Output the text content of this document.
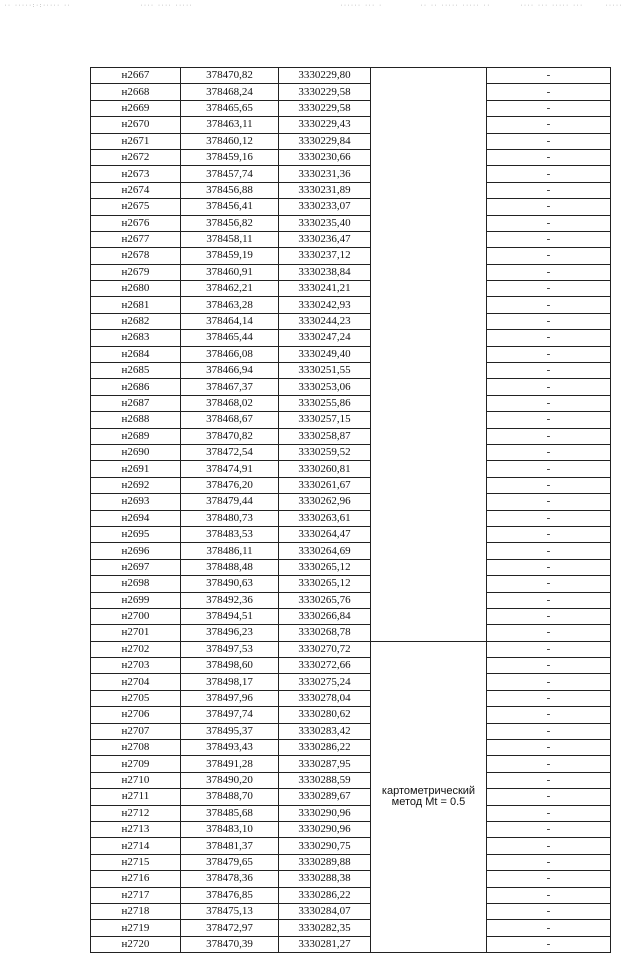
·· ·····:·:····· ··	···· ···· ·····	······ ··· ·	·· ·· ····· ····· ··	···· ··· ····· ···	·····
н2667	378470,82	3330229,80		-
н2668	378468,24	3330229,58		-
н2669	378465,65	3330229,58		-
н2670	378463,11	3330229,43		-
н2671	378460,12	3330229,84		-
н2672	378459,16	3330230,66		-
н2673	378457,74	3330231,36		-
н2674	378456,88	3330231,89		-
н2675	378456,41	3330233,07		-
н2676	378456,82	3330235,40		-
н2677	378458,11	3330236,47		-
н2678	378459,19	3330237,12		-
н2679	378460,91	3330238,84		-
н2680	378462,21	3330241,21		-
н2681	378463,28	3330242,93		-
н2682	378464,14	3330244,23		-
н2683	378465,44	3330247,24		-
н2684	378466,08	3330249,40		-
н2685	378466,94	3330251,55		-
н2686	378467,37	3330253,06		-
н2687	378468,02	3330255,86		-
н2688	378468,67	3330257,15		-
н2689	378470,82	3330258,87		-
н2690	378472,54	3330259,52		-
н2691	378474,91	3330260,81		-
н2692	378476,20	3330261,67		-
н2693	378479,44	3330262,96		-
н2694	378480,73	3330263,61		-
н2695	378483,53	3330264,47		-
н2696	378486,11	3330264,69		-
н2697	378488,48	3330265,12		-
н2698	378490,63	3330265,12		-
н2699	378492,36	3330265,76		-
н2700	378494,51	3330266,84		-
н2701	378496,23	3330268,78		-
н2702	378497,53	3330270,72	картометрический
метод Mt = 0.5	-
н2703	378498,60	3330272,66		-
н2704	378498,17	3330275,24		-
н2705	378497,96	3330278,04		-
н2706	378497,74	3330280,62		-
н2707	378495,37	3330283,42		-
н2708	378493,43	3330286,22		-
н2709	378491,28	3330287,95		-
н2710	378490,20	3330288,59		-
н2711	378488,70	3330289,67		-
н2712	378485,68	3330290,96		-
н2713	378483,10	3330290,96		-
н2714	378481,37	3330290,75		-
н2715	378479,65	3330289,88		-
н2716	378478,36	3330288,38		-
н2717	378476,85	3330286,22		-
н2718	378475,13	3330284,07		-
н2719	378472,97	3330282,35		-
н2720	378470,39	3330281,27		-
